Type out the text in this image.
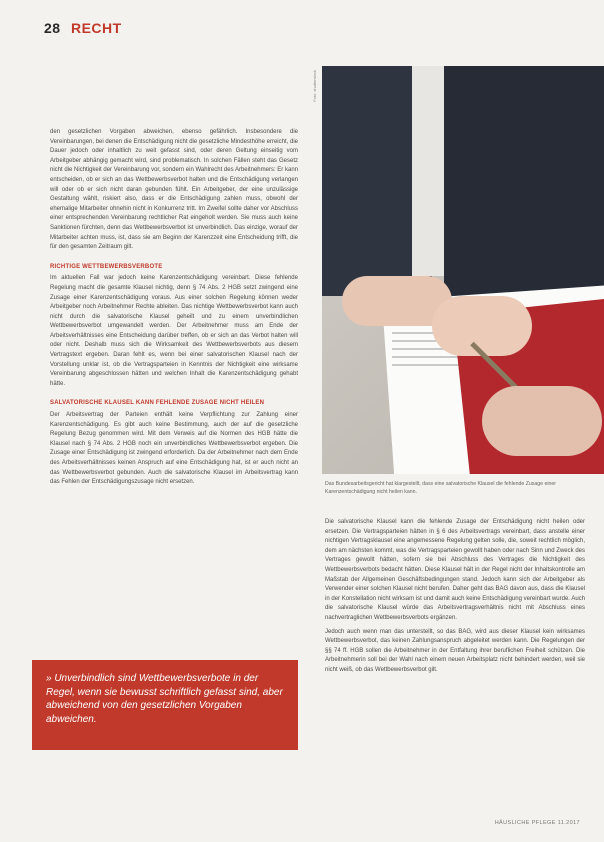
28 RECHT
Foto: shutterstock

den gesetzlichen Vorgaben abweichen, ebenso gefährlich. Insbesondere die Vereinbarungen, bei denen die Entschädigung nicht die gesetzliche Mindesthöhe erreicht, die Dauer jedoch oder inhaltlich zu weit gefasst sind, oder deren Geltung einseitig vom Arbeitgeber abhängig gemacht wird, sind problematisch. In solchen Fällen steht das Gesetz nicht die Nichtigkeit der Vereinbarung vor, sondern ein Wahlrecht des Arbeitnehmers: Er kann entscheiden, ob er sich an das Wettbewerbsverbot halten und die Entschädigung verlangen will oder ob er sich nicht daran gebunden fühlt. Ein Arbeitgeber, der eine unzulässige Gestaltung wählt, riskiert also, dass er die Entschädigung zahlen muss, obwohl der ehemalige Mitarbeiter ohnehin nicht in Konkurrenz tritt. Im Zweifel sollte daher vor Abschluss einer entsprechenden Vereinbarung rechtlicher Rat eingeholt werden. Sie muss auch keine Sanktionen fürchten, denn das Wettbewerbsverbot ist unverbindlich. Das einzige, worauf der Mitarbeiter achten muss, ist, dass sie am Beginn der Karenzzeit eine Entscheidung trifft, die für den gesamten Zeitraum gilt.

RICHTIGE WETTBEWERBSVERBOTE

Im aktuellen Fall war jedoch keine Karenzentschädigung vereinbart. Diese fehlende Regelung macht die gesamte Klausel nichtig, denn § 74 Abs. 2 HGB setzt zwingend eine Zusage einer Karenzentschädigung voraus. Aus einer solchen Regelung können weder Arbeitgeber noch Arbeitnehmer Rechte ableiten. Das nichtige Wettbewerbsverbot kann auch nicht durch die salvatorische Klausel geheilt und zu einem unverbindlichen Wettbewerbsverbot umgewandelt werden. Der Arbeitnehmer muss am Ende der Arbeitsverhältnisses eine Entscheidung darüber treffen, ob er sich an das Verbot halten will oder nicht. Deshalb muss sich die Wirksamkeit des Wettbewerbsverbots aus diesem Vertragstext ergeben. Daran fehlt es, wenn bei einer salvatorischen Klausel nach der Vorstellung unklar ist, ob die Vertragsparteien in Kenntnis der Nichtigkeit eine wirksame Vereinbarung abgeschlossen hätten und welchen Inhalt die Karenzentschädigung gehabt hätte.

SALVATORISCHE KLAUSEL KANN FEHLENDE ZUSAGE NICHT HEILEN

Der Arbeitsvertrag der Parteien enthält keine Verpflichtung zur Zahlung einer Karenzentschädigung. Es gibt auch keine Bestimmung, auch der auf die gesetzliche Regelung Bezug genommen wird. Mit dem Verweis auf die Normen des HGB hätte die Klausel nach § 74 Abs. 2 HGB noch ein unverbindliches Wettbewerbsverbot ergeben. Die Zusage einer Entschädigung ist zwingend erforderlich. Da der Arbeitnehmer nach dem Ende des Arbeitsverhältnisses keinen Anspruch auf eine Entschädigung hat, ist er auch nicht an das Wettbewerbsverbot gebunden. Auch die salvatorische Klausel im Arbeitsvertrag kann das Fehlen der Entschädigungszusage nicht ersetzen.	Das Bundesarbeitsgericht hat klargestellt, dass eine salvatorische Klausel die fehlende Zusage einer Karenzentschädigung nicht heilen kann.
» Unverbindlich sind Wettbewerbsverbote in der Regel, wenn sie bewusst schriftlich gefasst sind, aber abweichend von den gesetzlichen Vorgaben abweichen.

Die salvatorische Klausel kann die fehlende Zusage der Entschädigung nicht heilen oder ersetzen. Die Vertragsparteien hätten in § 6 des Arbeitsvertrags vereinbart, dass anstelle einer nichtigen Vertragsklausel eine angemessene Regelung gelten solle, die, soweit rechtlich möglich, dem am nächsten kommt, was die Vertragsparteien gewollt haben oder nach Sinn und Zweck des Vertrages gewollt hätten, sofern sie bei Abschluss des Vertrages die Nichtigkeit des Wettbewerbsverbots bedacht hätten. Diese Klausel hält in der Regel nicht der Inhaltskontrolle am Maßstab der Allgemeinen Geschäftsbedingungen stand. Jedoch kann sich der Arbeitgeber als Verwender einer solchen Klausel nicht berufen. Daher geht das BAG davon aus, dass die Klausel in der Konstellation nicht wirksam ist und damit auch keine Entschädigung vereinbart wurde. Auch die salvatorische Klausel würde das Arbeitsvertragsverhältnis nicht mit Abschluss eines nachvertraglichen Wettbewerbsverbots ergänzen.

Jedoch auch wenn man das unterstellt, so das BAG, wird aus dieser Klausel kein wirksames Wettbewerbsverbot, das keinen Zahlungsanspruch abgeleitet werden kann. Die Regelungen der §§ 74 ff. HGB sollen die Arbeitnehmer in der Entfaltung ihrer beruflichen Freiheit schützen. Die Arbeitnehmerin soll bei der Wahl nach einem neuen Arbeitsplatz nicht behindert werden, weil sie nicht weiß, ob das Wettbewerbsverbot gilt.

HÄUSLICHE PFLEGE 11.2017
